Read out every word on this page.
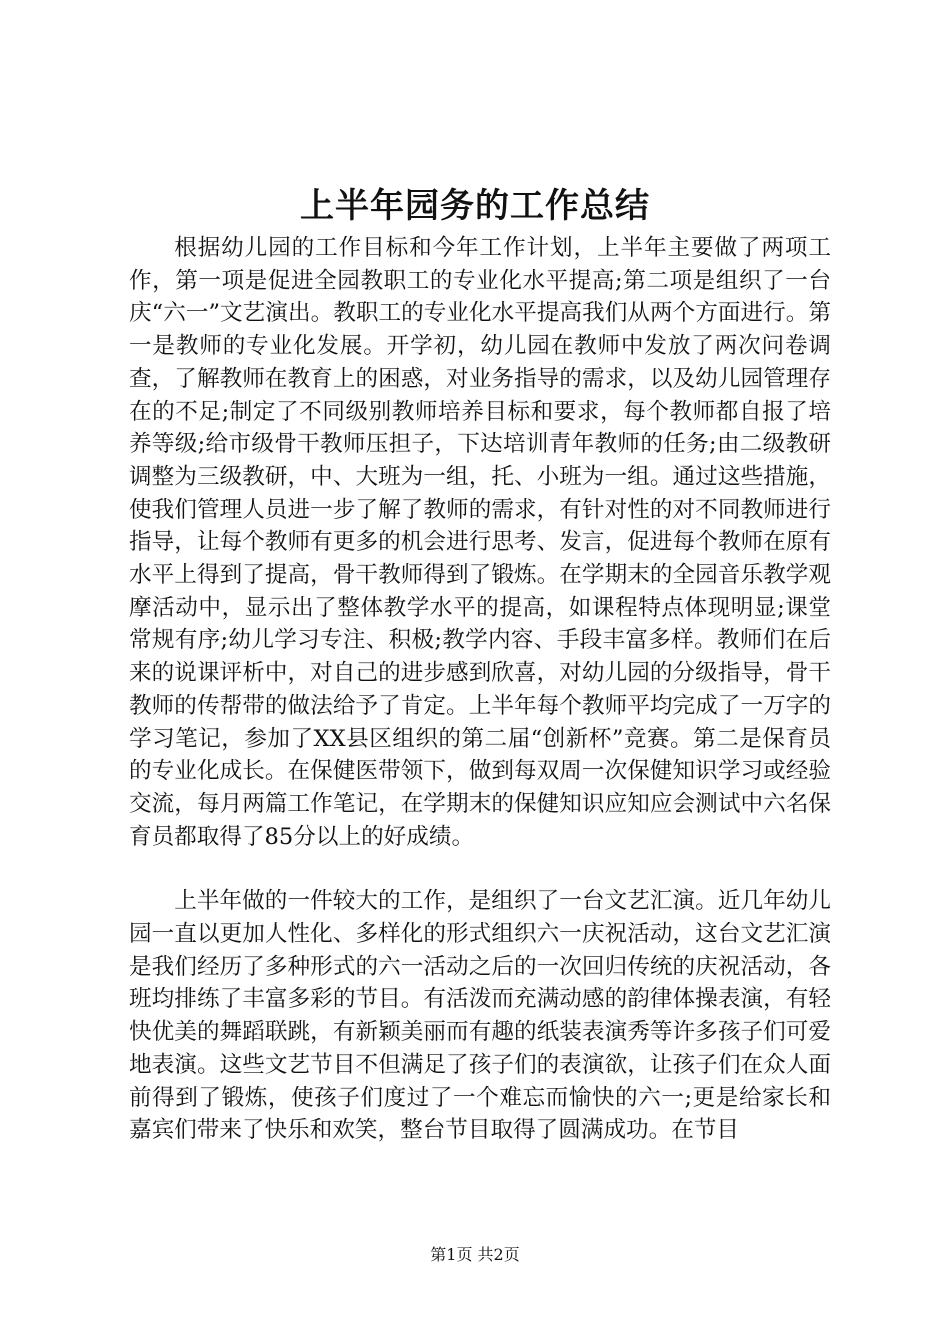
上半年园务的工作总结

根据幼儿园的工作目标和今年工作计划，上半年主要做了两项工作，第一项是促进全园教职工的专业化水平提高;第二项是组织了一台庆“六一”文艺演出。教职工的专业化水平提高我们从两个方面进行。第一是教师的专业化发展。开学初，幼儿园在教师中发放了两次问卷调查，了解教师在教育上的困惑，对业务指导的需求，以及幼儿园管理存在的不足;制定了不同级别教师培养目标和要求，每个教师都自报了培养等级;给市级骨干教师压担子，下达培训青年教师的任务;由二级教研调整为三级教研，中、大班为一组，托、小班为一组。通过这些措施，使我们管理人员进一步了解了教师的需求，有针对性的对不同教师进行指导，让每个教师有更多的机会进行思考、发言，促进每个教师在原有水平上得到了提高，骨干教师得到了锻炼。在学期末的全园音乐教学观摩活动中，显示出了整体教学水平的提高，如课程特点体现明显;课堂常规有序;幼儿学习专注、积极;教学内容、手段丰富多样。教师们在后来的说课评析中，对自己的进步感到欣喜，对幼儿园的分级指导，骨干教师的传帮带的做法给予了肯定。上半年每个教师平均完成了一万字的学习笔记，参加了XX县区组织的第二届“创新杯”竞赛。第二是保育员的专业化成长。在保健医带领下，做到每双周一次保健知识学习或经验交流，每月两篇工作笔记，在学期末的保健知识应知应会测试中六名保育员都取得了85分以上的好成绩。

上半年做的一件较大的工作，是组织了一台文艺汇演。近几年幼儿园一直以更加人性化、多样化的形式组织六一庆祝活动，这台文艺汇演是我们经历了多种形式的六一活动之后的一次回归传统的庆祝活动，各班均排练了丰富多彩的节目。有活泼而充满动感的韵律体操表演，有轻快优美的舞蹈联跳，有新颖美丽而有趣的纸装表演秀等许多孩子们可爱地表演。这些文艺节目不但满足了孩子们的表演欲，让孩子们在众人面前得到了锻炼，使孩子们度过了一个难忘而愉快的六一;更是给家长和嘉宾们带来了快乐和欢笑，整台节目取得了圆满成功。在节目

第1页 共2页
